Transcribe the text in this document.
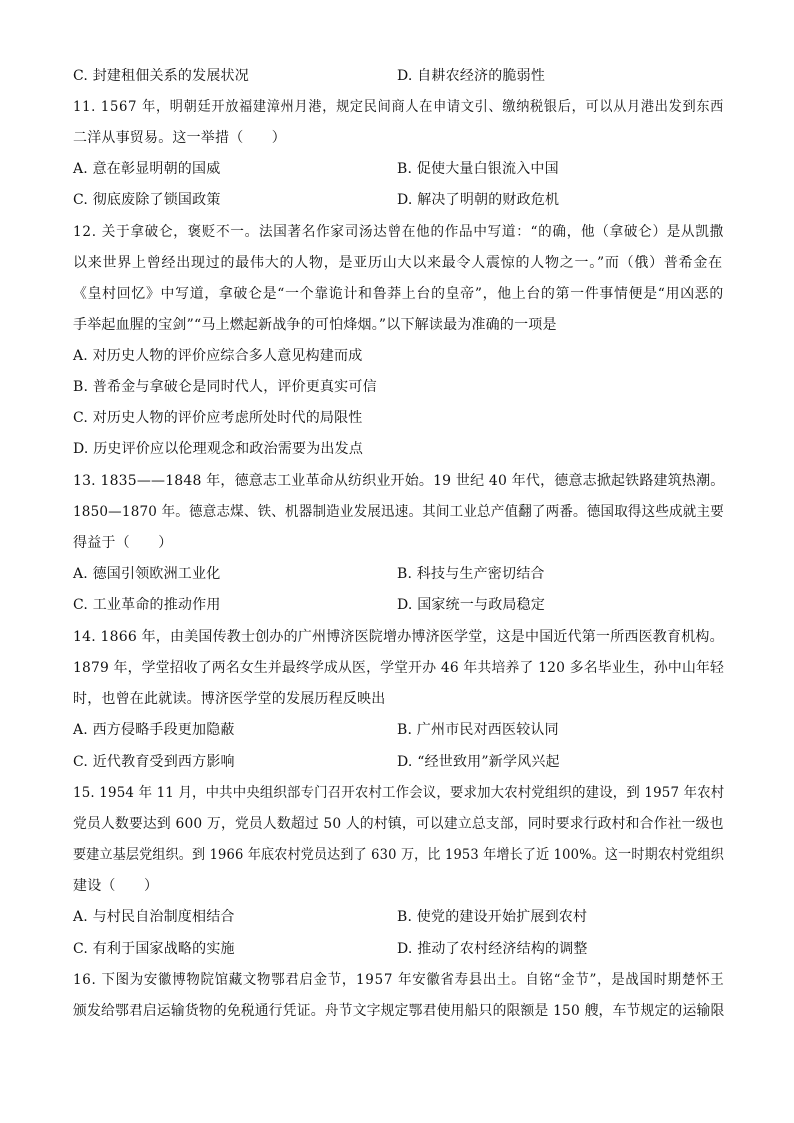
C. 封建租佃关系的发展状况	D. 自耕农经济的脆弱性
11. 1567 年，明朝廷开放福建漳州月港，规定民间商人在申请文引、缴纳税银后，可以从月港出发到东西
二洋从事贸易。这一举措（　　）
A. 意在彰显明朝的国威	B. 促使大量白银流入中国
C. 彻底废除了锁国政策	D. 解决了明朝的财政危机
12. 关于拿破仑，褒贬不一。法国著名作家司汤达曾在他的作品中写道：“的确，他（拿破仑）是从凯撒
以来世界上曾经出现过的最伟大的人物，是亚历山大以来最令人震惊的人物之一。”而（俄）普希金在
《皇村回忆》中写道，拿破仑是“一个靠诡计和鲁莽上台的皇帝”，他上台的第一件事情便是“用凶恶的
手举起血腥的宝剑”“马上燃起新战争的可怕烽烟。”以下解读最为准确的一项是
A. 对历史人物的评价应综合多人意见构建而成
B. 普希金与拿破仑是同时代人，评价更真实可信
C. 对历史人物的评价应考虑所处时代的局限性
D. 历史评价应以伦理观念和政治需要为出发点
13. 1835——1848 年，德意志工业革命从纺织业开始。19 世纪 40 年代，德意志掀起铁路建筑热潮。
1850—1870 年。德意志煤、铁、机器制造业发展迅速。其间工业总产值翻了两番。德国取得这些成就主要
得益于（　　）
A. 德国引领欧洲工业化	B. 科技与生产密切结合
C. 工业革命的推动作用	D. 国家统一与政局稳定
14. 1866 年，由美国传教士创办的广州博济医院增办博济医学堂，这是中国近代第一所西医教育机构。
1879 年，学堂招收了两名女生并最终学成从医，学堂开办 46 年共培养了 120 多名毕业生，孙中山年轻
时，也曾在此就读。博济医学堂的发展历程反映出
A. 西方侵略手段更加隐蔽	B. 广州市民对西医较认同
C. 近代教育受到西方影响	D. “经世致用”新学风兴起
15. 1954 年 11 月，中共中央组织部专门召开农村工作会议，要求加大农村党组织的建设，到 1957 年农村
党员人数要达到 600 万，党员人数超过 50 人的村镇，可以建立总支部，同时要求行政村和合作社一级也
要建立基层党组织。到 1966 年底农村党员达到了 630 万，比 1953 年增长了近 100%。这一时期农村党组织
建设（　　）
A. 与村民自治制度相结合	B. 使党的建设开始扩展到农村
C. 有利于国家战略的实施	D. 推动了农村经济结构的调整
16. 下图为安徽博物院馆藏文物鄂君启金节，1957 年安徽省寿县出土。自铭“金节”，是战国时期楚怀王
颁发给鄂君启运输货物的免税通行凭证。舟节文字规定鄂君使用船只的限额是 150 艘，车节规定的运输限
